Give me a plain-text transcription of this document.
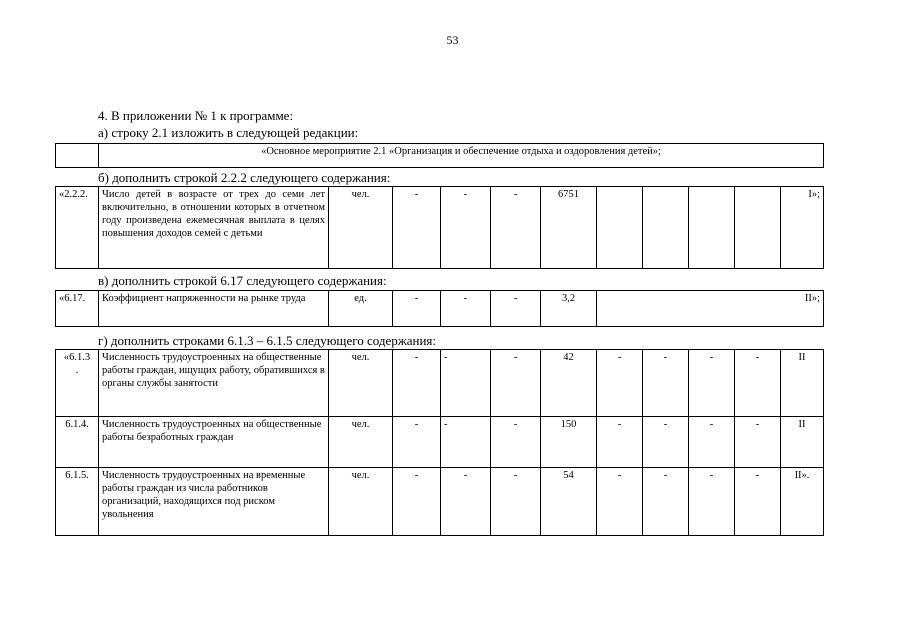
53
4. В приложении № 1 к программе:
а) строку 2.1 изложить в следующей редакции:
	«Основное мероприятие 2.1 «Организация и обеспечение отдыха и оздоровления детей»;
б) дополнить строкой 2.2.2 следующего содержания:
«2.2.2.	Число детей в возрасте от трех до семи лет включительно, в отношении которых в отчетном году произведена ежемесячная выплата в целях повышения доходов семей с детьми	чел.	-	-	-	6751					I»;
в) дополнить строкой 6.17 следующего содержания:
«6.17.	Коэффициент напряженности на рынке труда	ед.	-	-	-	3,2	II»;
г) дополнить строками 6.1.3 – 6.1.5 следующего содержания:
«6.1.3
.	Численность трудоустроенных на общественные работы граждан, ищущих работу, обратившихся в органы службы занятости	чел.	-	-	-	42	-	-	-	-	II
6.1.4.	Численность трудоустроенных на общественные работы безработных граждан	чел.	-	-	-	150	-	-	-	-	II
6.1.5.	Численность трудоустроенных на временные работы граждан из числа работников организаций, находящихся под риском увольнения	чел.	-	-	-	54	-	-	-	-	II».
